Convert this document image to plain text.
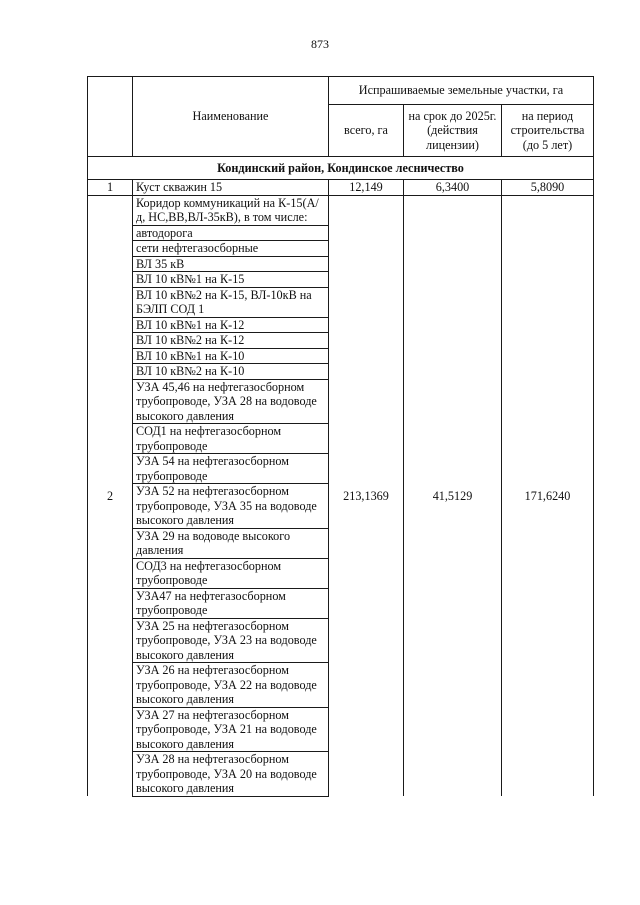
873
	Наименование	Испрашиваемые земельные участки, га		
		всего, га	на срок до 2025г.(действия лицензии)	на период строительства (до 5 лет)
Кондинский район, Кондинское лесничество				
1	Куст скважин 15	12,149	6,3400	5,8090
2	Коридор коммуникаций на К-15(А/д, НС,ВВ,ВЛ-35кВ), в том числе:	213,1369	41,5129	171,6240
	автодорога			
	сети нефтегазосборные			
	ВЛ 35 кВ			
	ВЛ 10 кВ№1 на К-15			
	ВЛ 10 кВ№2 на К-15, ВЛ-10кВ на БЭЛП СОД 1			
	ВЛ 10 кВ№1 на К-12			
	ВЛ 10 кВ№2 на К-12			
	ВЛ 10 кВ№1 на К-10			
	ВЛ 10 кВ№2 на К-10			
	УЗА 45,46 на нефтегазосборном трубопроводе, УЗА 28 на водоводе высокого давления			
	СОД1 на нефтегазосборном трубопроводе			
	УЗА 54 на нефтегазосборном трубопроводе			
	УЗА 52 на нефтегазосборном трубопроводе, УЗА 35 на водоводе высокого давления			
	УЗА 29 на водоводе высокого давления			
	СОД3 на нефтегазосборном трубопроводе			
	УЗА47 на нефтегазосборном трубопроводе			
	УЗА 25 на нефтегазосборном трубопроводе, УЗА 23 на водоводе высокого давления			
	УЗА 26 на нефтегазосборном трубопроводе, УЗА 22 на водоводе высокого давления			
	УЗА 27 на нефтегазосборном трубопроводе, УЗА 21 на водоводе высокого давления			
	УЗА 28 на нефтегазосборном трубопроводе, УЗА 20 на водоводе высокого давления			
